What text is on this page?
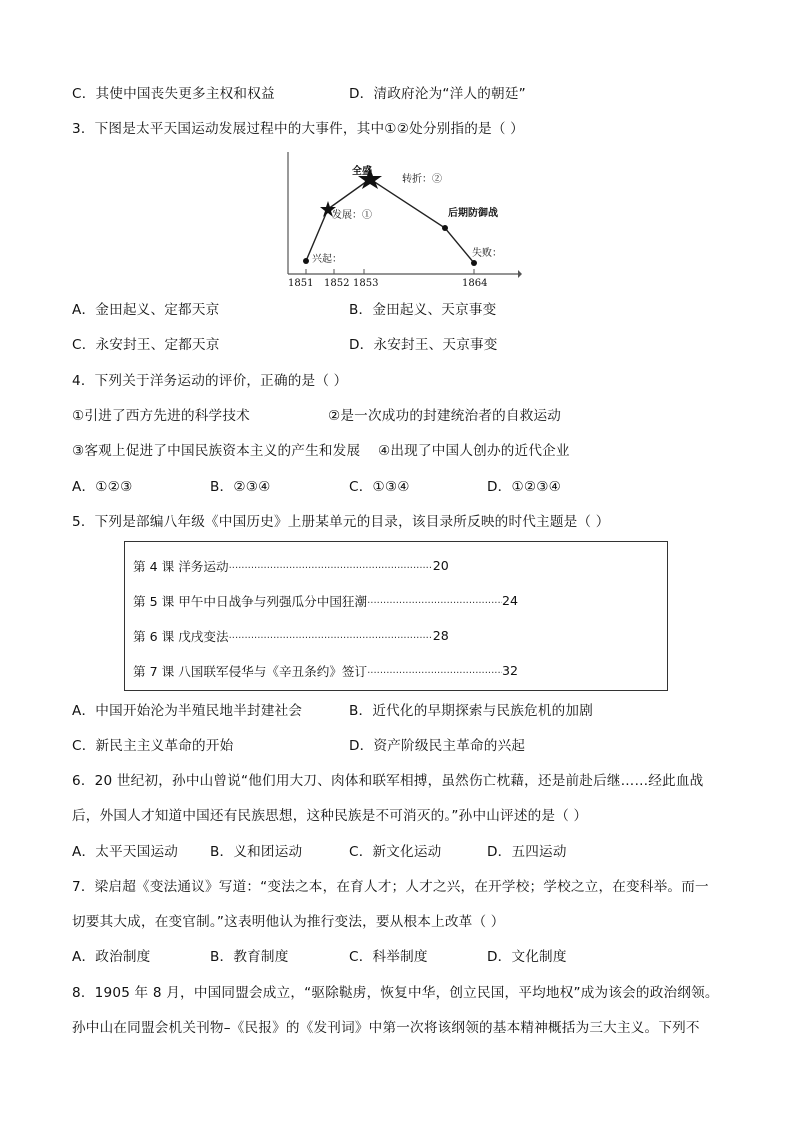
C．其使中国丧失更多主权和权益	D．清政府沦为“洋人的朝廷”
3．下图是太平天国运动发展过程中的大事件，其中①②处分别指的是（ ）
兴起：
发展：①
全盛
转折：②
后期防御战
失败：
1851 1852 1853	1864
A．金田起义、定都天京	B．金田起义、天京事变
C．永安封王、定都天京	D．永安封王、天京事变
4．下列关于洋务运动的评价，正确的是（ ）
①引进了西方先进的科学技术	②是一次成功的封建统治者的自救运动
③客观上促进了中国民族资本主义的产生和发展 ④出现了中国人创办的近代企业
A．①②③	B．②③④	C．①③④	D．①②③④
5．下列是部编八年级《中国历史》上册某单元的目录，该目录所反映的时代主题是（ ）
第 4 课 洋务运动 .....	20
第 5 课 甲午中日战争与列强瓜分中国狂潮 .....	24
第 6 课 戊戌变法 .....	28
第 7 课 八国联军侵华与《辛丑条约》签订 .....	32
A．中国开始沦为半殖民地半封建社会	B．近代化的早期探索与民族危机的加剧
C．新民主主义革命的开始	D．资产阶级民主革命的兴起
6．20 世纪初，孙中山曾说“他们用大刀、肉体和联军相搏，虽然伤亡枕藉，还是前赴后继……经此血战
后，外国人才知道中国还有民族思想，这种民族是不可消灭的。”孙中山评述的是（ ）
A．太平天国运动 B．义和团运动	C．新文化运动	D．五四运动
7．梁启超《变法通议》写道：“变法之本，在育人才；人才之兴，在开学校；学校之立，在变科举。而一
切要其大成，在变官制。”这表明他认为推行变法，要从根本上改革（ ）
A．政治制度	B．教育制度	C．科举制度	D．文化制度
8．1905 年 8 月，中国同盟会成立，“驱除鞑虏，恢复中华，创立民国，平均地权”成为该会的政治纲领。
孙中山在同盟会机关刊物–《民报》的《发刊词》中第一次将该纲领的基本精神概括为三大主义。下列不
